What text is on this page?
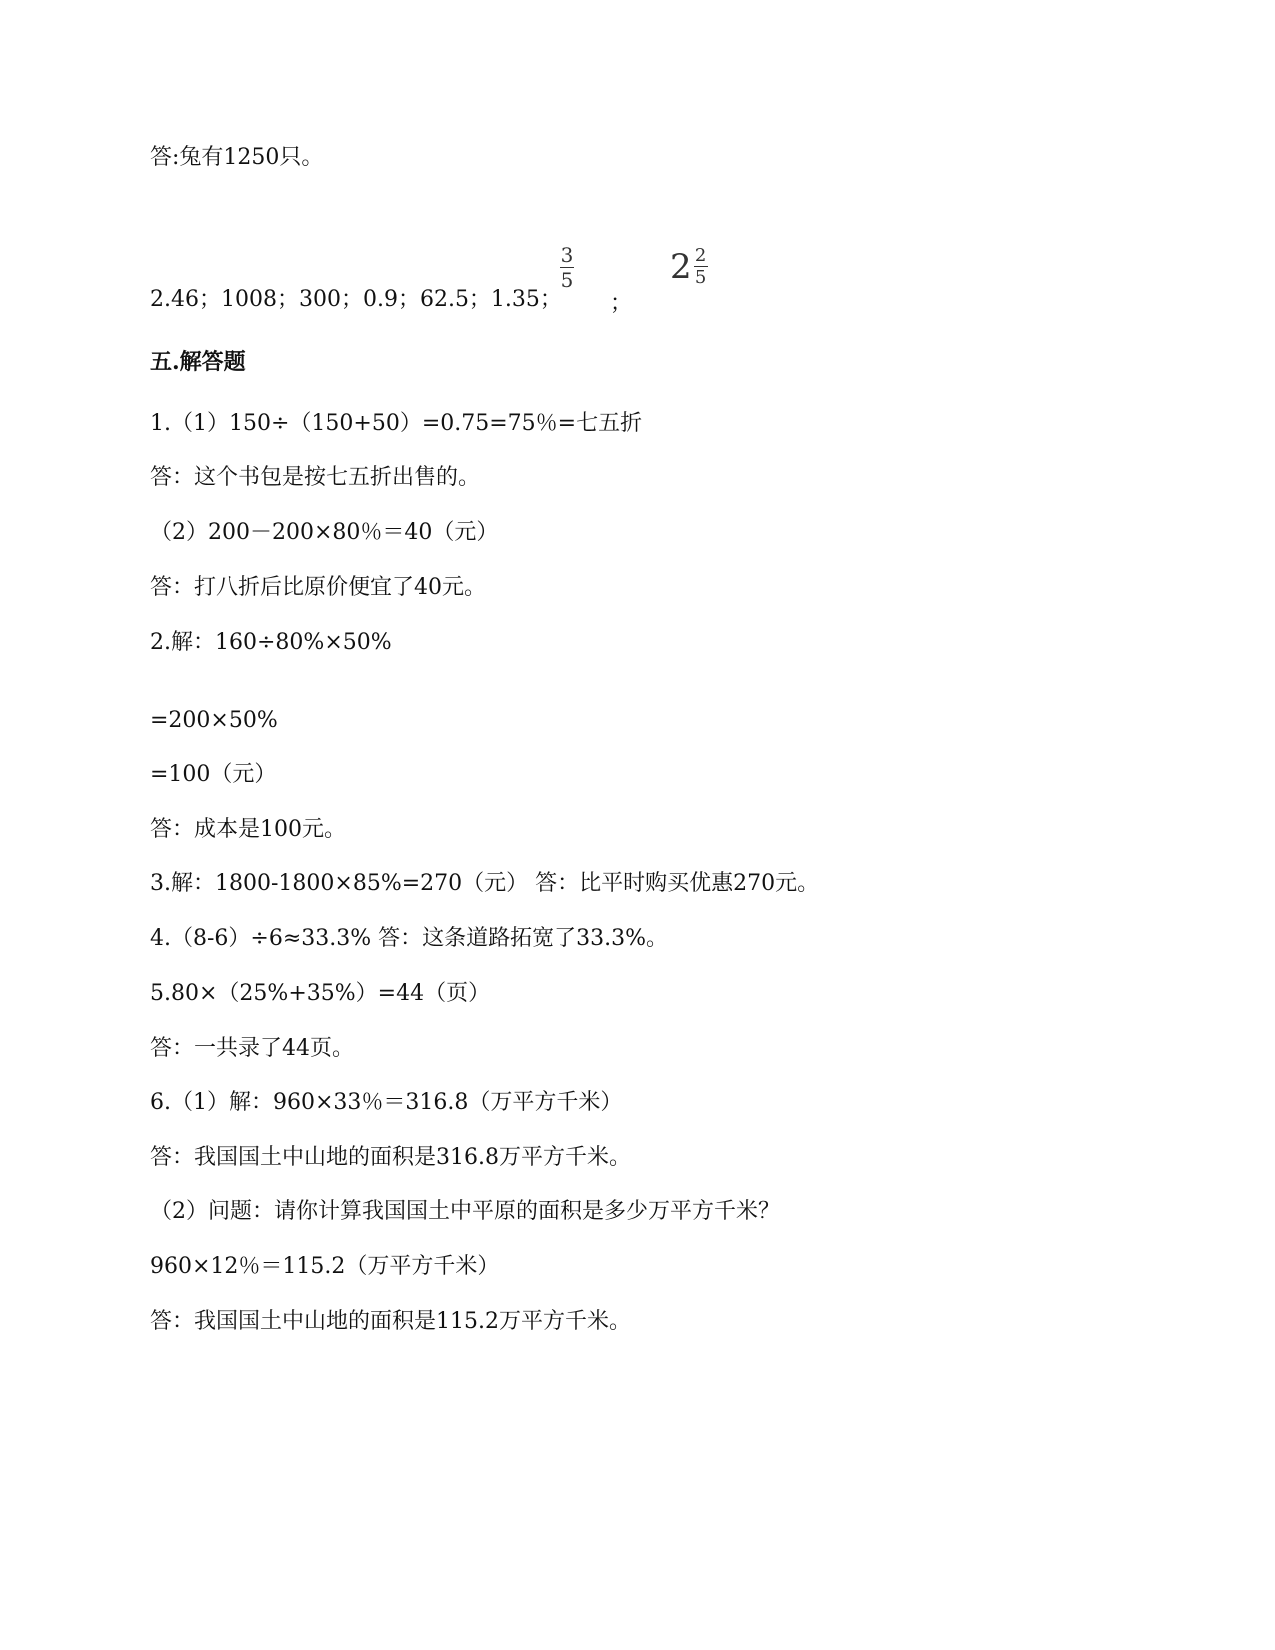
答:兔有1250只。
2.46；1008；300；0.9；62.5；1.35；
3
5
；
$2 \frac{2}{5}$
五.解答题
1.（1）150÷（150+50）=0.75=75％=七五折
答：这个书包是按七五折出售的。
（2）200－200×80％＝40（元）
答：打八折后比原价便宜了40元。
2.解：160÷80%×50%
=200×50%
=100（元）
答：成本是100元。
3.解：1800-1800×85%=270（元） 答：比平时购买优惠270元。
4.（8-6）÷6≈33.3% 答：这条道路拓宽了33.3%。
5.80×（25%+35%）=44（页）
答：一共录了44页。
6.（1）解：960×33％＝316.8（万平方千米）
答：我国国土中山地的面积是316.8万平方千米。
（2）问题：请你计算我国国土中平原的面积是多少万平方千米？
960×12％＝115.2（万平方千米）
答：我国国土中山地的面积是115.2万平方千米。
